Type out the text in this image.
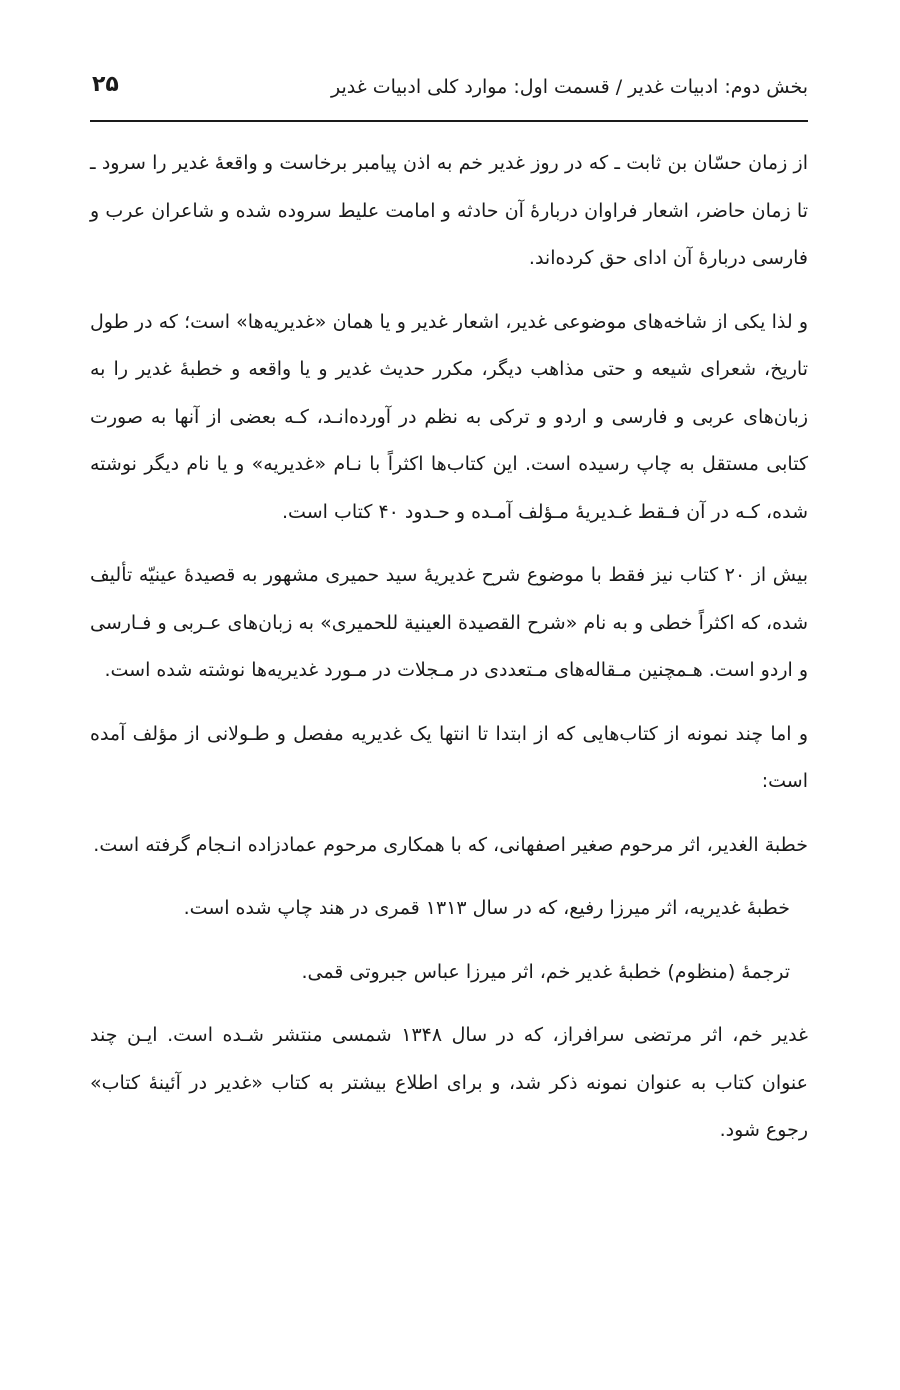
بخش دوم: ادبیات غدیر / قسمت اول: موارد کلی ادبیات غدیر
۲۵

از زمان حسّان بن ثابت ـ که در روز غدیر خم به اذن پیامبر برخاست و واقعهٔ غدیر را سرود ـ تا زمان حاضر، اشعار فراوان دربارهٔ آن حادثه و امامت علیط سروده شده و شاعران عرب و فارسی دربارهٔ آن ادای حق کرده‌اند.

و لذا یکی از شاخه‌های موضوعی غدیر، اشعار غدیر و یا همان «غدیریه‌ها» است؛ که در طول تاریخ، شعرای شیعه و حتی مذاهب دیگر، مکرر حدیث غدیر و یا واقعه و خطبهٔ غدیر را به زبان‌های عربی و فارسی و اردو و ترکی به نظم در آورده‌انـد، کـه بعضی از آنها به صورت کتابی مستقل به چاپ رسیده است. این کتاب‌ها اکثراً با نـام «غدیریه» و یا نام دیگر نوشته شده، کـه در آن فـقط غـدیریهٔ مـؤلف آمـده و حـدود ۴۰ کتاب است.

بیش از ۲۰ کتاب نیز فقط با موضوع شرح غدیریهٔ سید حمیری مشهور به قصیدهٔ عینیّه تألیف شده، که اکثراً خطی و به نام «شرح القصیدة العینیة للحمیری» به زبان‌های عـربی و فـارسی و اردو است. هـمچنین مـقاله‌های مـتعددی در مـجلات در مـورد غدیریه‌ها نوشته شده است.

و اما چند نمونه از کتاب‌هایی که از ابتدا تا انتها یک غدیریه مفصل و طـولانی از مؤلف آمده است:

خطبة الغدیر، اثر مرحوم صغیر اصفهانی، که با همکاری مرحوم عمادزاده انـجام گرفته است.

خطبهٔ غدیریه، اثر میرزا رفیع، که در سال ۱۳۱۳ قمری در هند چاپ شده است.

ترجمهٔ (منظوم) خطبهٔ غدیر خم، اثر میرزا عباس جبروتی قمی.

غدیر خم، اثر مرتضی سرافراز، که در سال ۱۳۴۸ شمسی منتشر شـده است. ایـن چند عنوان کتاب به عنوان نمونه ذکر شد، و برای اطلاع بیشتر به کتاب «غدیر در آئینهٔ کتاب» رجوع شود.
